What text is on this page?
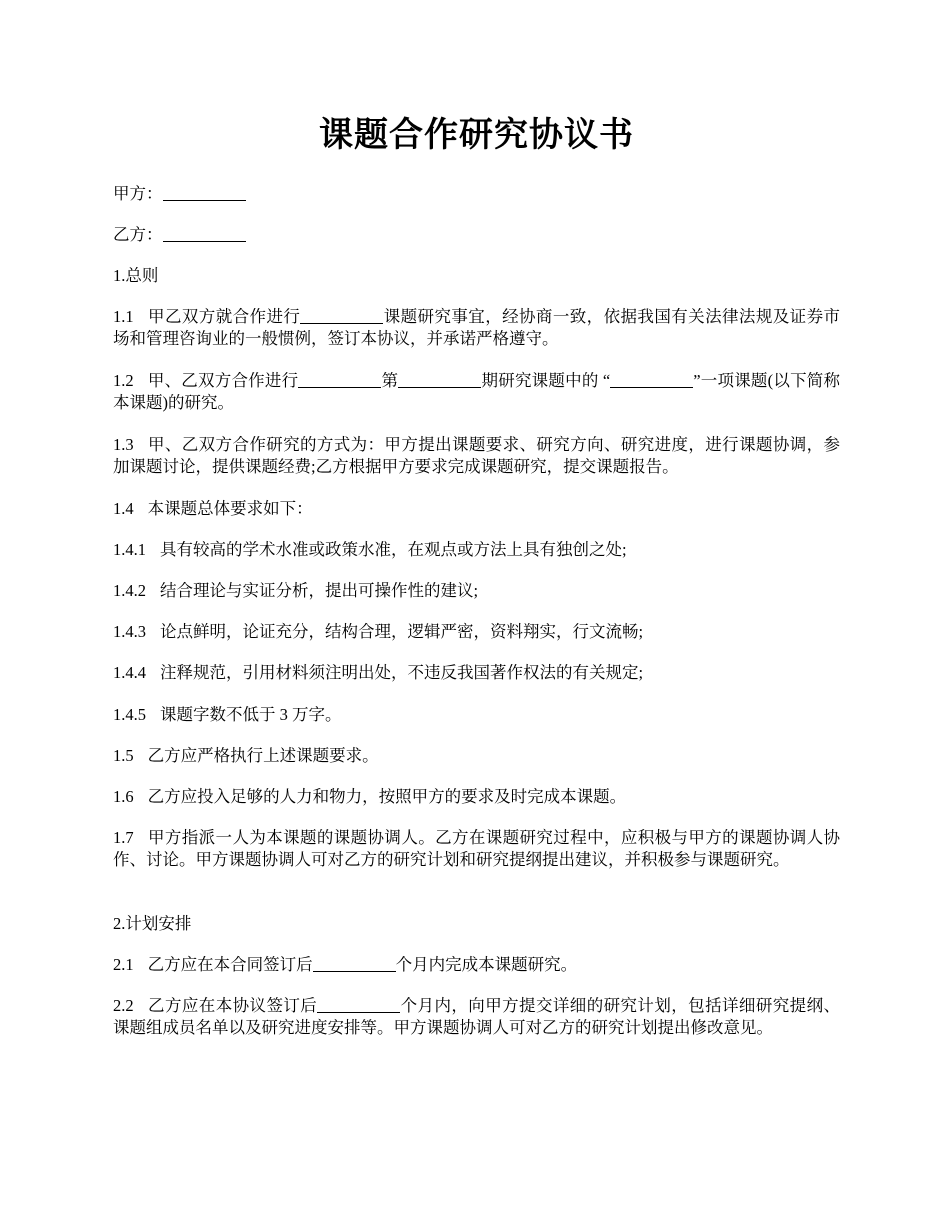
课题合作研究协议书

甲方：

乙方：

1.总则

1.1 甲乙双方就合作进行	课题研究事宜，经协商一致，依据我国有关法律法规及证券市场和管理咨询业的一般惯例，签订本协议，并承诺严格遵守。

1.2 甲、乙双方合作进行	第	期研究课题中的 “	”一项课题(以下简称本课题)的研究。

1.3 甲、乙双方合作研究的方式为：甲方提出课题要求、研究方向、研究进度，进行课题协调，参加课题讨论，提供课题经费;乙方根据甲方要求完成课题研究，提交课题报告。

1.4 本课题总体要求如下：

1.4.1 具有较高的学术水准或政策水准，在观点或方法上具有独创之处;

1.4.2 结合理论与实证分析，提出可操作性的建议;

1.4.3 论点鲜明，论证充分，结构合理，逻辑严密，资料翔实，行文流畅;

1.4.4 注释规范，引用材料须注明出处，不违反我国著作权法的有关规定;

1.4.5 课题字数不低于 3 万字。

1.5 乙方应严格执行上述课题要求。

1.6 乙方应投入足够的人力和物力，按照甲方的要求及时完成本课题。

1.7 甲方指派一人为本课题的课题协调人。乙方在课题研究过程中，应积极与甲方的课题协调人协作、讨论。甲方课题协调人可对乙方的研究计划和研究提纲提出建议，并积极参与课题研究。

2.计划安排

2.1 乙方应在本合同签订后	个月内完成本课题研究。

2.2 乙方应在本协议签订后	个月内，向甲方提交详细的研究计划，包括详细研究提纲、课题组成员名单以及研究进度安排等。甲方课题协调人可对乙方的研究计划提出修改意见。
